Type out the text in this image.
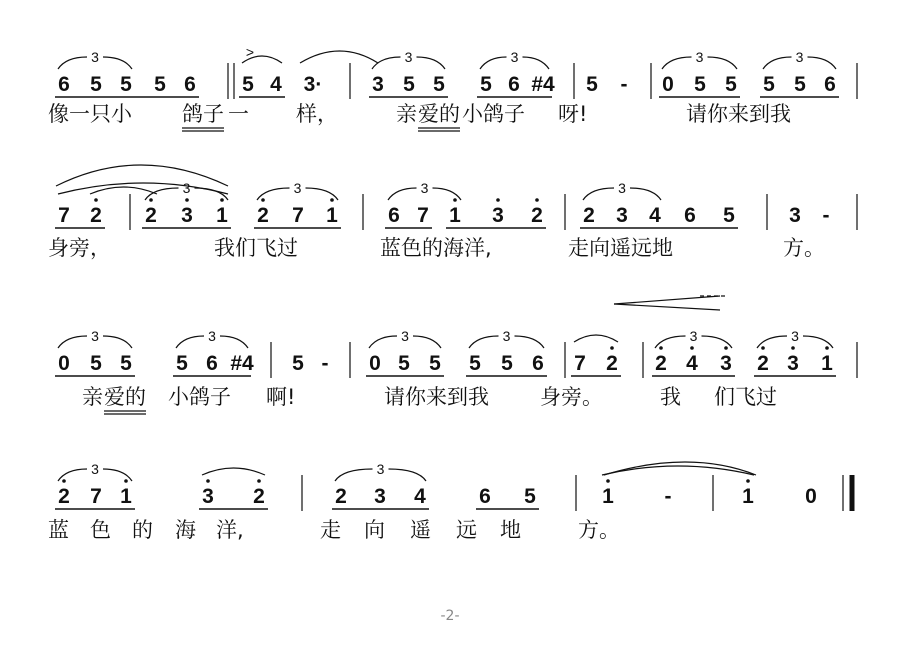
3	3	3	3	3
3	3	3	3
3	3	3	3	3	3
3	3
>
6 5 5 5 6 5 4 3· 3 5 5 5 6 #4 5 - 0 5 5 5 5 6
7 2 2 3 1 2 7 1 6 7 1 3 2 2 3 4 6 5	3 -
0 5 5 5 6 #4 5 - 0 5 5 5 5 6 7 2 2 4 3 2 3 1
2 7 1	3 2	2 3 4	6 5	1 -	1 0
像一只小 鸽子 一 样，	亲 爱的 小鸽子 呀!	请你来到我
身旁，	我们飞过	蓝色的海洋,	走向遥远地	方。
亲 爱的 小鸽子 啊!	请你来到我 身旁。	我 们飞过
蓝 色 的 海 洋,	走 向 遥 远 地	方。
-2-
